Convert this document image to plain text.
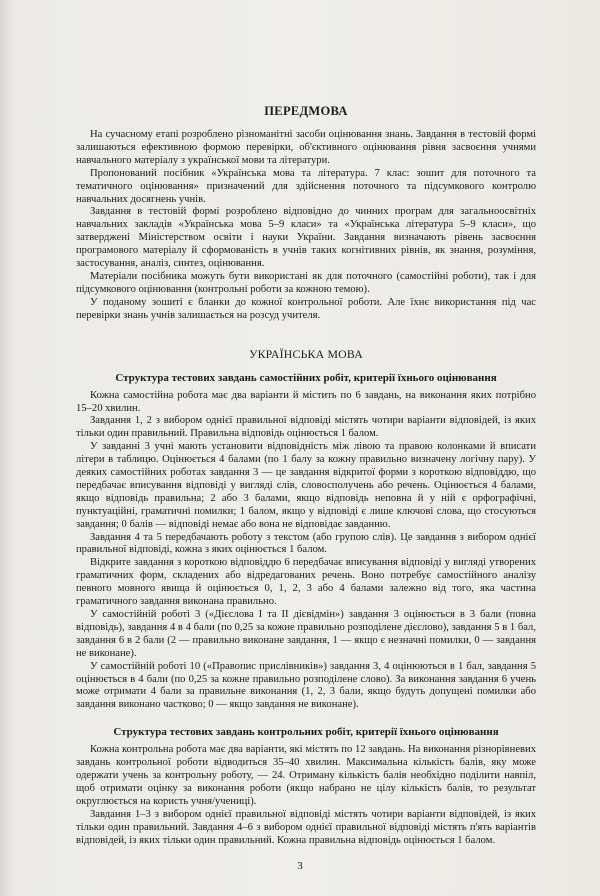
ПЕРЕДМОВА

На сучасному етапі розроблено різноманітні засоби оцінювання знань. Завдання в тестовій формі залишаються ефективною формою перевірки, об'єктивного оцінювання рівня засвоєння учнями навчального матеріалу з української мови та літератури.

Пропонований посібник «Українська мова та література. 7 клас: зошит для поточного та тематичного оцінювання» призначений для здійснення поточного та підсумкового контролю навчальних досягнень учнів.

Завдання в тестовій формі розроблено відповідно до чинних програм для загальноосвітніх навчальних закладів «Українська мова 5–9 класи» та «Українська література 5–9 класи», що затверджені Міністерством освіти і науки України. Завдання визначають рівень засвоєння програмового матеріалу й сформованість в учнів таких когнітивних рівнів, як знання, розуміння, застосування, аналіз, синтез, оцінювання.

Матеріали посібника можуть бути використані як для поточного (самостійні роботи), так і для підсумкового оцінювання (контрольні роботи за кожною темою).

У поданому зошиті є бланки до кожної контрольної роботи. Але їхнє використання під час перевірки знань учнів залишається на розсуд учителя.

УКРАЇНСЬКА МОВА
Структура тестових завдань самостійних робіт, критерії їхнього оцінювання

Кожна самостійна робота має два варіанти й містить по 6 завдань, на виконання яких потрібно 15–20 хвилин.

Завдання 1, 2 з вибором однієї правильної відповіді містять чотири варіанти відповідей, із яких тільки один правильний. Правильна відповідь оцінюється 1 балом.

У завданні 3 учні мають установити відповідність між лівою та правою колонками й вписати літери в таблицю. Оцінюється 4 балами (по 1 балу за кожну правильно визначену логічну пару). У деяких самостійних роботах завдання 3 — це завдання відкритої форми з короткою відповіддю, що передбачає вписування відповіді у вигляді слів, словосполучень або речень. Оцінюється 4 балами, якщо відповідь правильна; 2 або 3 балами, якщо відповідь неповна й у ній є орфографічні, пунктуаційні, граматичні помилки; 1 балом, якщо у відповіді є лише ключові слова, що стосуються завдання; 0 балів — відповіді немає або вона не відповідає завданню.

Завдання 4 та 5 передбачають роботу з текстом (або групою слів). Це завдання з вибором однієї правильної відповіді, кожна з яких оцінюється 1 балом.

Відкрите завдання з короткою відповіддю 6 передбачає вписування відповіді у вигляді утворених граматичних форм, складених або відредагованих речень. Воно потребує самостійного аналізу певного мовного явища й оцінюється 0, 1, 2, 3 або 4 балами залежно від того, яка частина граматичного завдання виконана правильно.

У самостійній роботі 3 («Дієслова I та II дієвідмін») завдання 3 оцінюється в 3 бали (повна відповідь), завдання 4 в 4 бали (по 0,25 за кожне правильно розподілене дієслово), завдання 5 в 1 бал, завдання 6 в 2 бали (2 — правильно виконане завдання, 1 — якщо є незначні помилки, 0 — завдання не виконане).

У самостійній роботі 10 («Правопис прислівників») завдання 3, 4 оцінюються в 1 бал, завдання 5 оцінюється в 4 бали (по 0,25 за кожне правильно розподілене слово). За виконання завдання 6 учень може отримати 4 бали за правильне виконання (1, 2, 3 бали, якщо будуть допущені помилки або завдання виконано частково; 0 — якщо завдання не виконане).

Структура тестових завдань контрольних робіт, критерії їхнього оцінювання

Кожна контрольна робота має два варіанти, які містять по 12 завдань. На виконання різнорівневих завдань контрольної роботи відводиться 35–40 хвилин. Максимальна кількість балів, яку може одержати учень за контрольну роботу, — 24. Отриману кількість балів необхідно поділити навпіл, щоб отримати оцінку за виконання роботи (якщо набрано не цілу кількість балів, то результат округлюється на користь учня/учениці).

Завдання 1–3 з вибором однієї правильної відповіді містять чотири варіанти відповідей, із яких тільки один правильний. Завдання 4–6 з вибором однієї правильної відповіді містять п'ять варіантів відповідей, із яких тільки один правильний. Кожна правильна відповідь оцінюється 1 балом.

3
